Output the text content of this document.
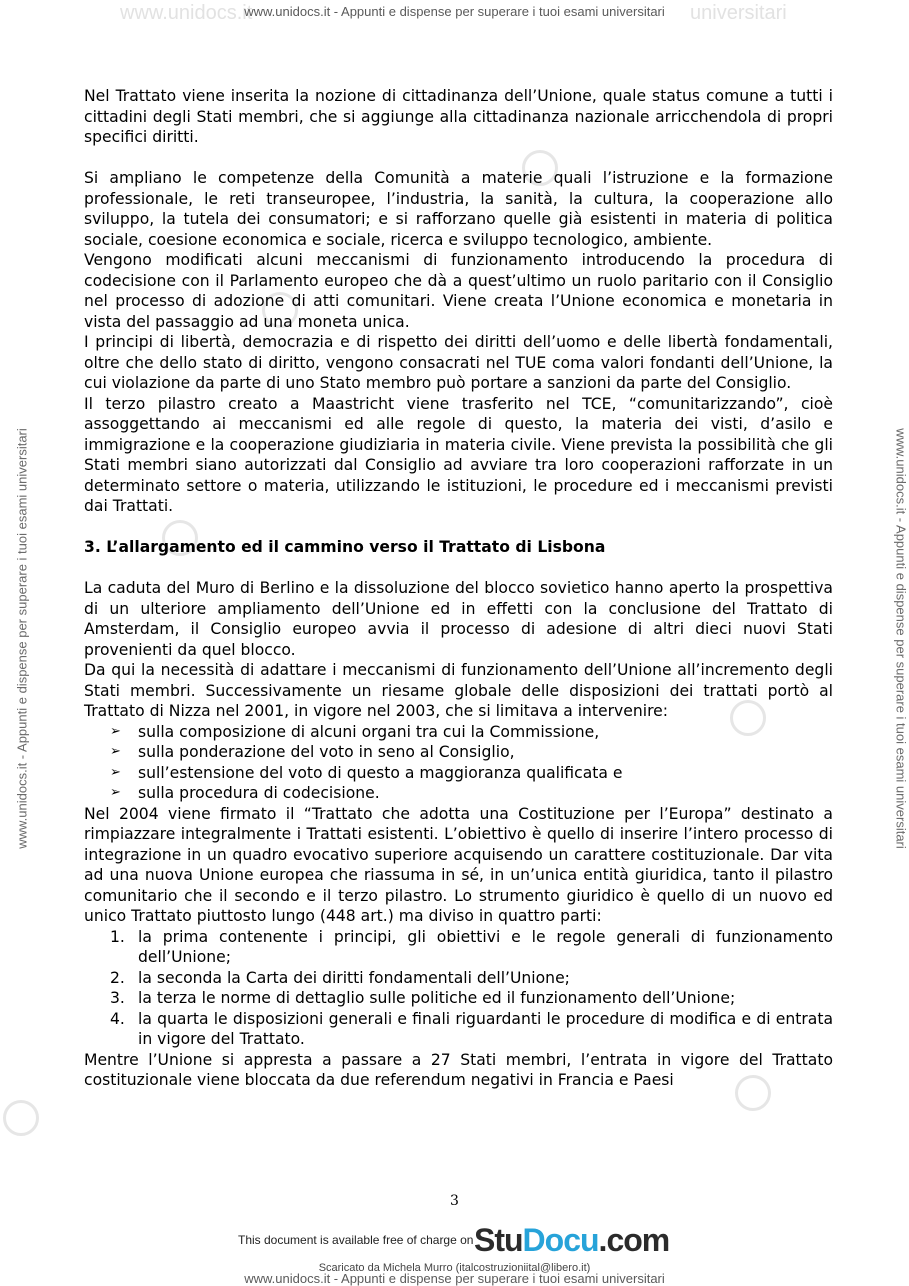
www.unidocs.it	universitari
www.unidocs.it - Appunti e dispense per superare i tuoi esami universitari
www.unidocs.it - Appunti e dispense per superare i tuoi esami universitari	www.unidocs.it - Appunti e dispense per superare i tuoi esami universitari

Nel Trattato viene inserita la nozione di cittadinanza dell’Unione, quale status comune a tutti i cittadini degli Stati membri, che si aggiunge alla cittadinanza nazionale arricchendola di propri specifici diritti.

Si ampliano le competenze della Comunità a materie quali l’istruzione e la formazione professionale, le reti transeuropee, l’industria, la sanità, la cultura, la cooperazione allo sviluppo, la tutela dei consumatori; e si rafforzano quelle già esistenti in materia di politica sociale, coesione economica e sociale, ricerca e sviluppo tecnologico, ambiente.

Vengono modificati alcuni meccanismi di funzionamento introducendo la procedura di codecisione con il Parlamento europeo che dà a quest’ultimo un ruolo paritario con il Consiglio nel processo di adozione di atti comunitari. Viene creata l’Unione economica e monetaria in vista del passaggio ad una moneta unica.

I principi di libertà, democrazia e di rispetto dei diritti dell’uomo e delle libertà fondamentali, oltre che dello stato di diritto, vengono consacrati nel TUE coma valori fondanti dell’Unione, la cui violazione da parte di uno Stato membro può portare a sanzioni da parte del Consiglio.

Il terzo pilastro creato a Maastricht viene trasferito nel TCE, “comunitarizzando”, cioè assoggettando ai meccanismi ed alle regole di questo, la materia dei visti, d’asilo e immigrazione e la cooperazione giudiziaria in materia civile. Viene prevista la possibilità che gli Stati membri siano autorizzati dal Consiglio ad avviare tra loro cooperazioni rafforzate in un determinato settore o materia, utilizzando le istituzioni, le procedure ed i meccanismi previsti dai Trattati.

3. L’allargamento ed il cammino verso il Trattato di Lisbona

La caduta del Muro di Berlino e la dissoluzione del blocco sovietico hanno aperto la prospettiva di un ulteriore ampliamento dell’Unione ed in effetti con la conclusione del Trattato di Amsterdam, il Consiglio europeo avvia il processo di adesione di altri dieci nuovi Stati provenienti da quel blocco.

Da qui la necessità di adattare i meccanismi di funzionamento dell’Unione all’incremento degli Stati membri. Successivamente un riesame globale delle disposizioni dei trattati portò al Trattato di Nizza nel 2001, in vigore nel 2003, che si limitava a intervenire:

➢ sulla composizione di alcuni organi tra cui la Commissione,
➢ sulla ponderazione del voto in seno al Consiglio,
➢ sull’estensione del voto di questo a maggioranza qualificata e
➢ sulla procedura di codecisione.

Nel 2004 viene firmato il “Trattato che adotta una Costituzione per l’Europa” destinato a rimpiazzare integralmente i Trattati esistenti. L’obiettivo è quello di inserire l’intero processo di integrazione in un quadro evocativo superiore acquisendo un carattere costituzionale. Dar vita ad una nuova Unione europea che riassuma in sé, in un’unica entità giuridica, tanto il pilastro comunitario che il secondo e il terzo pilastro. Lo strumento giuridico è quello di un nuovo ed unico Trattato piuttosto lungo (448 art.) ma diviso in quattro parti:

1. la prima contenente i principi, gli obiettivi e le regole generali di funzionamento dell’Unione;
2. la seconda la Carta dei diritti fondamentali dell’Unione;
3. la terza le norme di dettaglio sulle politiche ed il funzionamento dell’Unione;
4. la quarta le disposizioni generali e finali riguardanti le procedure di modifica e di entrata in vigore del Trattato.

Mentre l’Unione si appresta a passare a 27 Stati membri, l’entrata in vigore del Trattato costituzionale viene bloccata da due referendum negativi in Francia e Paesi

3
This document is available free of charge on StuDocu.com
Scaricato da Michela Murro (italcostruzioniital@libero.it)
www.unidocs.it - Appunti e dispense per superare i tuoi esami universitari
